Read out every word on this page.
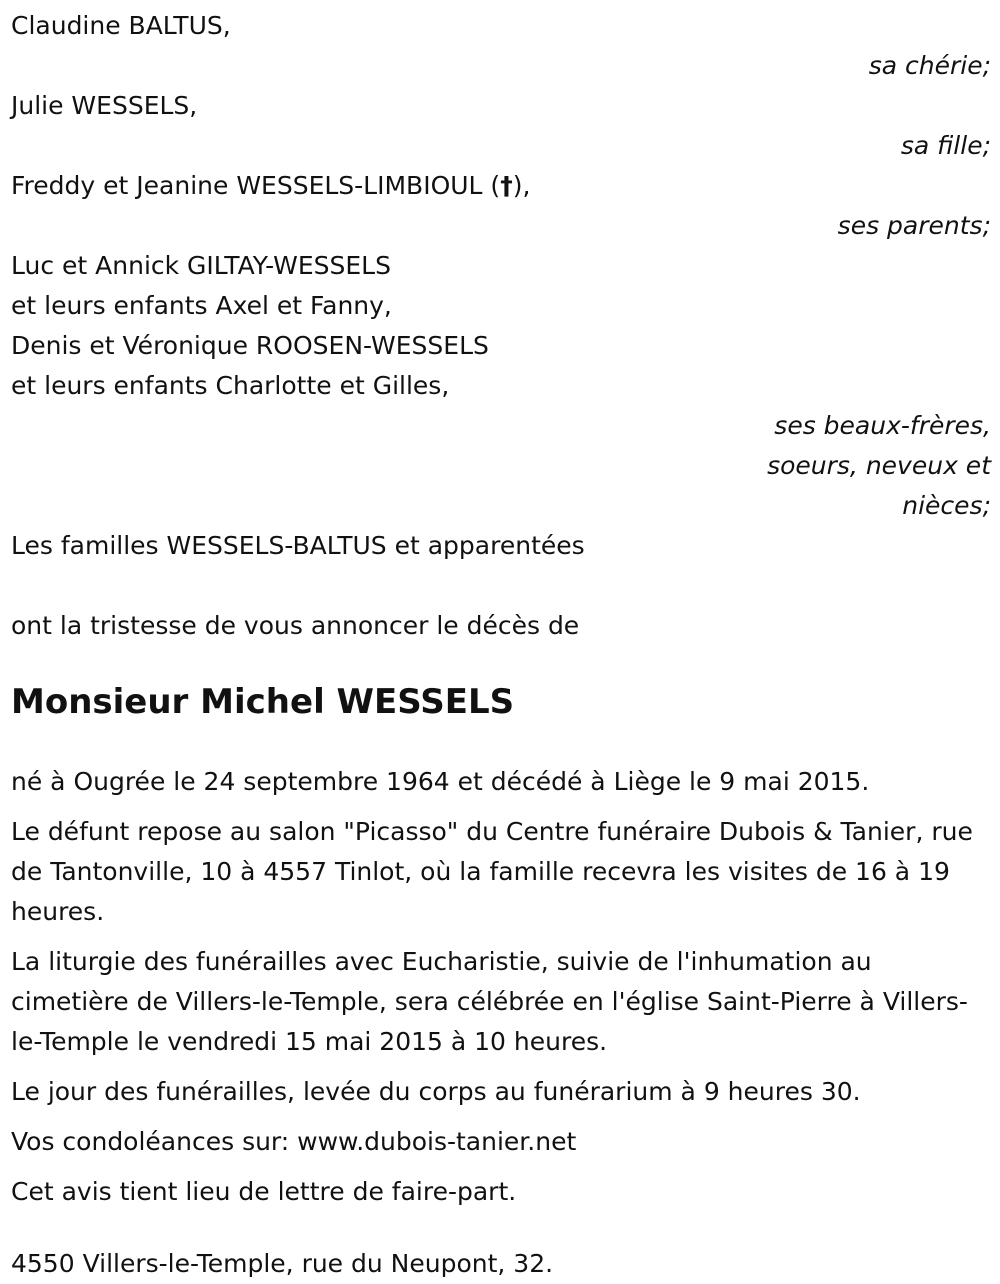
Claudine BALTUS,
sa chérie;
Julie WESSELS,
sa fille;
Freddy et Jeanine WESSELS-LIMBIOUL (†),
ses parents;
Luc et Annick GILTAY-WESSELS
et leurs enfants Axel et Fanny,
Denis et Véronique ROOSEN-WESSELS
et leurs enfants Charlotte et Gilles,
ses beaux-frères,
soeurs, neveux et
nièces;
Les familles WESSELS-BALTUS et apparentées
ont la tristesse de vous annoncer le décès de
Monsieur Michel WESSELS

né à Ougrée le 24 septembre 1964 et décédé à Liège le 9 mai 2015.

Le défunt repose au salon "Picasso" du Centre funéraire Dubois & Tanier, rue de Tantonville, 10 à 4557 Tinlot, où la famille recevra les visites de 16 à 19 heures.

La liturgie des funérailles avec Eucharistie, suivie de l'inhumation au cimetière de Villers-le-Temple, sera célébrée en l'église Saint-Pierre à Villers-le-Temple le vendredi 15 mai 2015 à 10 heures.

Le jour des funérailles, levée du corps au funérarium à 9 heures 30.

Vos condoléances sur: www.dubois-tanier.net

Cet avis tient lieu de lettre de faire-part.

4550 Villers-le-Temple, rue du Neupont, 32.
